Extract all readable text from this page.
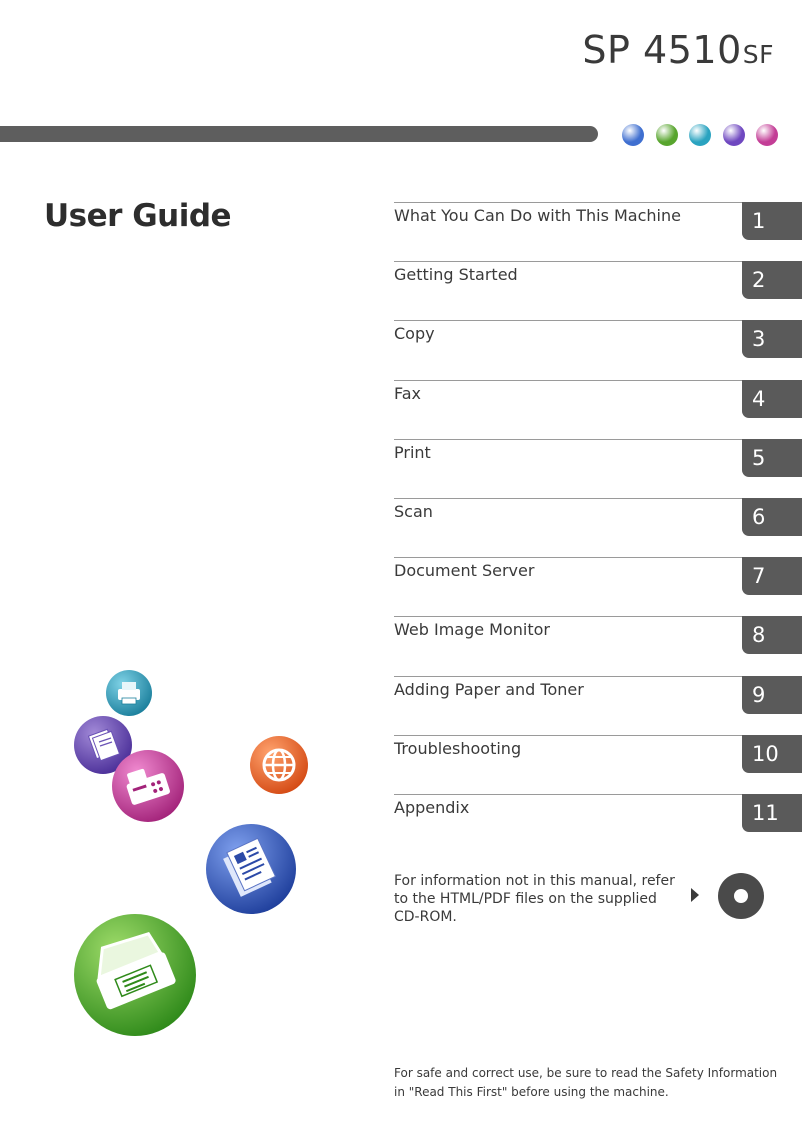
SP 4510SF
User Guide	What You Can Do with This Machine	1
Getting Started	2
Copy	3
Fax	4
Print	5
Scan	6
Document Server	7
Web Image Monitor	8
Adding Paper and Toner	9
Troubleshooting	10
Appendix	11
For information not in this manual, refer to the HTML/PDF files on the supplied CD-ROM.
For safe and correct use, be sure to read the Safety Information in "Read This First" before using the machine.
